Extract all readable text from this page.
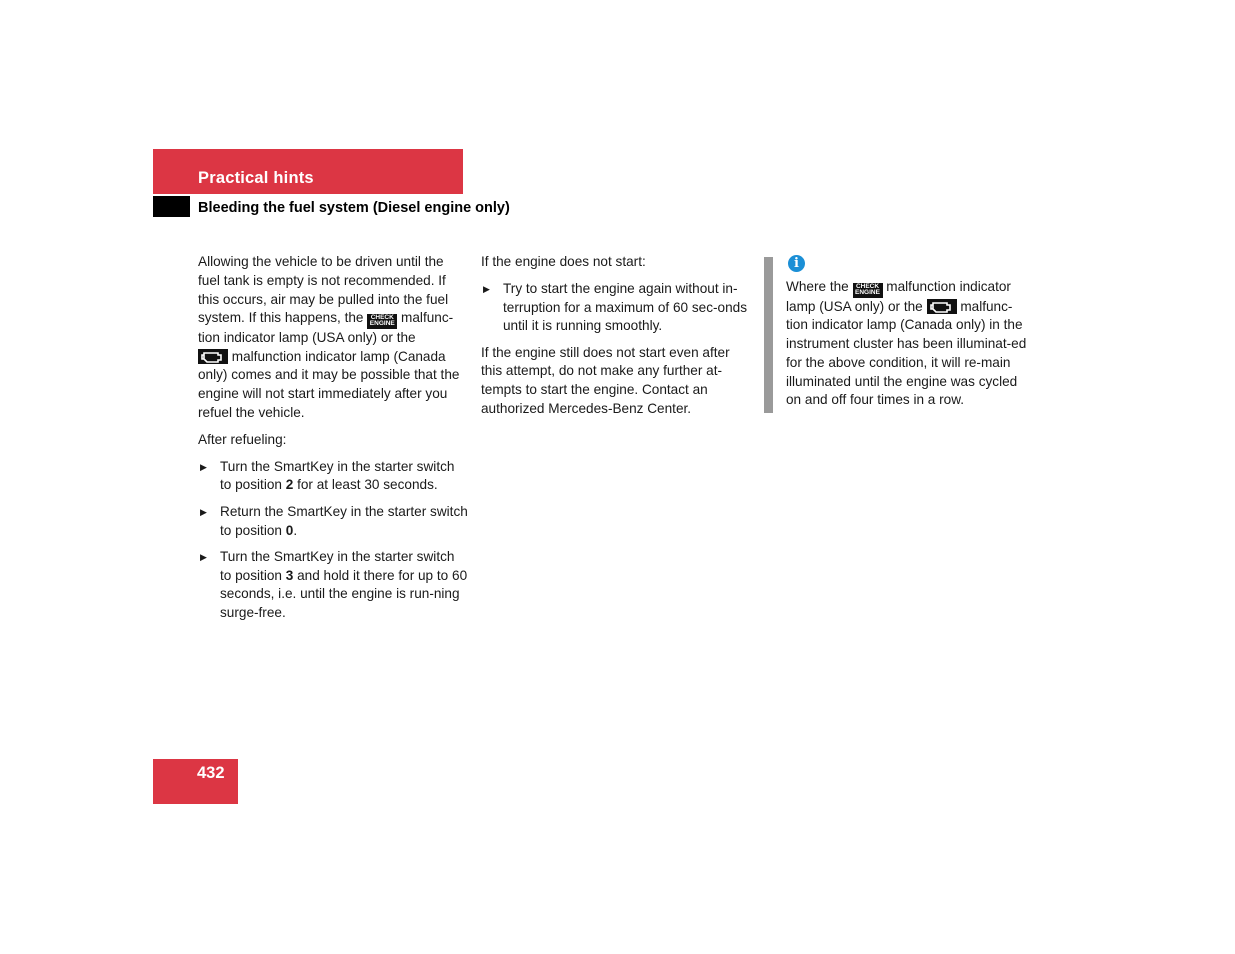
Practical hints
Bleeding the fuel system (Diesel engine only)

Allowing the vehicle to be driven until the fuel tank is empty is not recommended. If this occurs, air may be pulled into the fuel system. If this happens, the CHECK
ENGINE malfunc-tion indicator lamp (USA only) or the

malfunction indicator lamp (Canada only) comes and it may be possible that the engine will not start immediately after you refuel the vehicle.

After refueling:

▶ Turn the SmartKey in the starter switch to position 2 for at least 30 seconds.
▶ Return the SmartKey in the starter switch to position 0.
▶ Turn the SmartKey in the starter switch to position 3 and hold it there for up to 60 seconds, i.e. until the engine is run-ning surge-free.

If the engine does not start:

▶ Try to start the engine again without in-terruption for a maximum of 60 sec-onds until it is running smoothly.

If the engine still does not start even after this attempt, do not make any further at-tempts to start the engine. Contact an authorized Mercedes-Benz Center.

i

Where the CHECK
ENGINE malfunction indicator lamp (USA only) or the	malfunc-tion indicator lamp (Canada only) in the instrument cluster has been illuminat-ed for the above condition, it will re-main illuminated until the engine was cycled on and off four times in a row.

432
